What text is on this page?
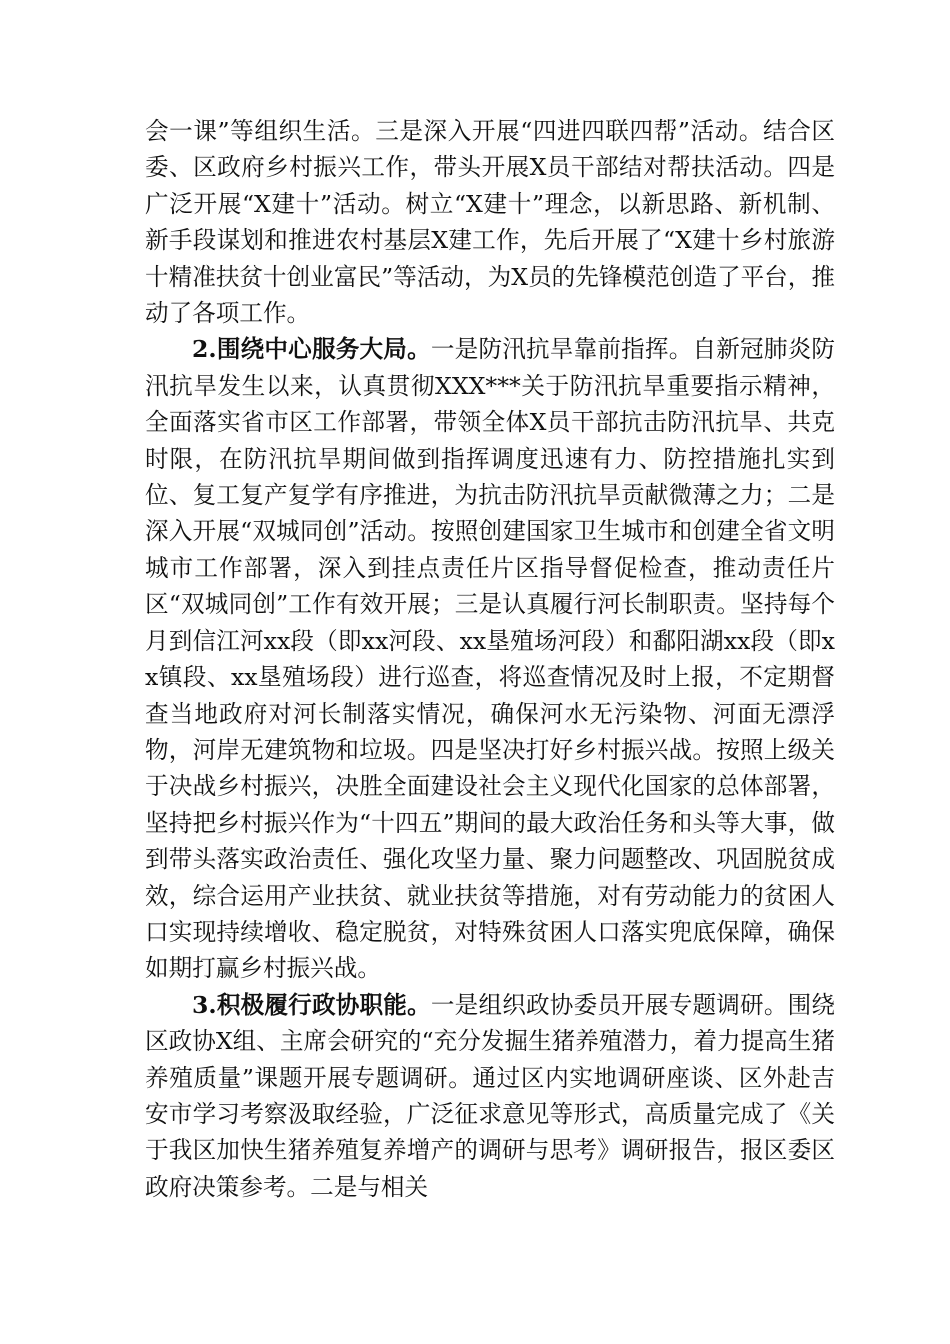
会一课”等组织生活。三是深入开展“四进四联四帮”活动。结合区委、区政府乡村振兴工作，带头开展X员干部结对帮扶活动。四是广泛开展“X建十”活动。树立“X建十”理念，以新思路、新机制、新手段谋划和推进农村基层X建工作，先后开展了“X建十乡村旅游十精准扶贫十创业富民”等活动，为X员的先锋模范创造了平台，推动了各项工作。

2.围绕中心服务大局。一是防汛抗旱靠前指挥。自新冠肺炎防汛抗旱发生以来，认真贯彻XXX***关于防汛抗旱重要指示精神，全面落实省市区工作部署，带领全体X员干部抗击防汛抗旱、共克时限，在防汛抗旱期间做到指挥调度迅速有力、防控措施扎实到位、复工复产复学有序推进，为抗击防汛抗旱贡献微薄之力；二是深入开展“双城同创”活动。按照创建国家卫生城市和创建全省文明城市工作部署，深入到挂点责任片区指导督促检查，推动责任片区“双城同创”工作有效开展；三是认真履行河长制职责。坚持每个月到信江河xx段（即xx河段、xx垦殖场河段）和鄱阳湖xx段（即xx镇段、xx垦殖场段）进行巡查，将巡查情况及时上报，不定期督查当地政府对河长制落实情况，确保河水无污染物、河面无漂浮物，河岸无建筑物和垃圾。四是坚决打好乡村振兴战。按照上级关于决战乡村振兴，决胜全面建设社会主义现代化国家的总体部署，坚持把乡村振兴作为“十四五”期间的最大政治任务和头等大事，做到带头落实政治责任、强化攻坚力量、聚力问题整改、巩固脱贫成效，综合运用产业扶贫、就业扶贫等措施，对有劳动能力的贫困人口实现持续增收、稳定脱贫，对特殊贫困人口落实兜底保障，确保如期打赢乡村振兴战。

3.积极履行政协职能。一是组织政协委员开展专题调研。围绕区政协X组、主席会研究的“充分发掘生猪养殖潜力，着力提高生猪养殖质量”课题开展专题调研。通过区内实地调研座谈、区外赴吉安市学习考察汲取经验，广泛征求意见等形式，高质量完成了《关于我区加快生猪养殖复养增产的调研与思考》调研报告，报区委区政府决策参考。二是与相关
